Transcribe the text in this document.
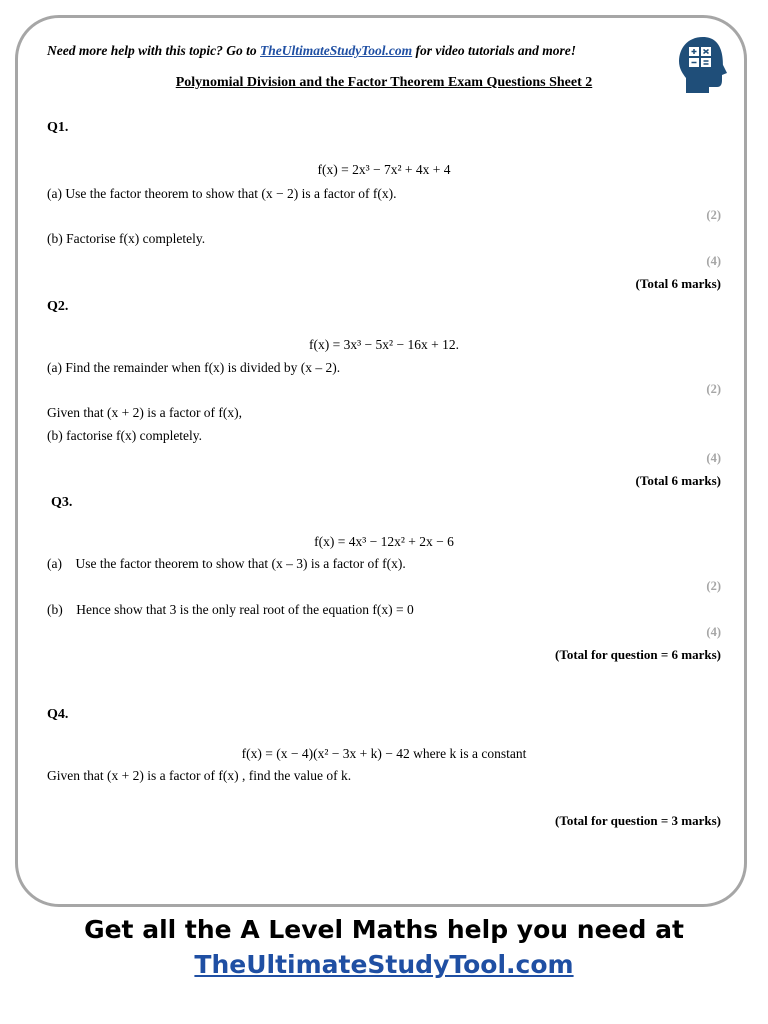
Need more help with this topic? Go to TheUltimateStudyTool.com for video tutorials and more!
Polynomial Division and the Factor Theorem Exam Questions Sheet 2
Q1.
f(x) = 2x³ − 7x² + 4x + 4
(a) Use the factor theorem to show that (x − 2) is a factor of f(x).
(2)
(b) Factorise f(x) completely.
(4)
(Total 6 marks)
Q2.
f(x) = 3x³ − 5x² − 16x + 12.
(a) Find the remainder when f(x) is divided by (x – 2).
(2)
Given that (x + 2) is a factor of f(x),
(b) factorise f(x) completely.
(4)
(Total 6 marks)
Q3.
f(x) = 4x³ − 12x² + 2x − 6
(a)    Use the factor theorem to show that (x – 3) is a factor of f(x).
(2)
(b)    Hence show that 3 is the only real root of the equation f(x) = 0
(4)
(Total for question = 6 marks)
Q4.
f(x) = (x − 4)(x² − 3x + k) − 42 where k is a constant
Given that (x + 2) is a factor of f(x) , find the value of k.
(Total for question = 3 marks)
Get all the A Level Maths help you need at
TheUltimateStudyTool.com
